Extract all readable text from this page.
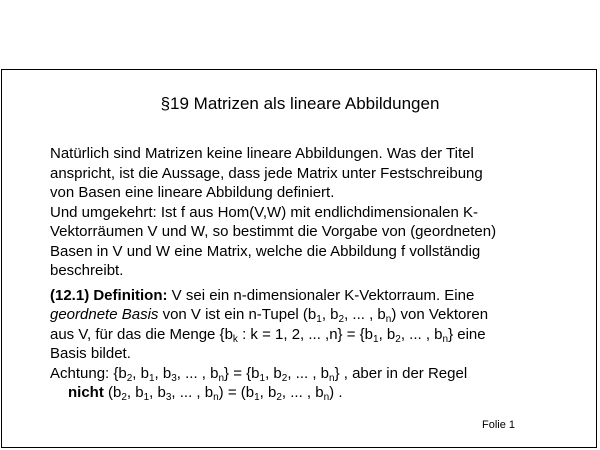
§19 Matrizen als lineare Abbildungen

Natürlich sind Matrizen keine lineare Abbildungen. Was der Titel
anspricht, ist die Aussage, dass jede Matrix unter Festschreibung
von Basen eine lineare Abbildung definiert.
Und umgekehrt: Ist f aus Hom(V,W) mit endlichdimensionalen K-
Vektorräumen V und W, so bestimmt die Vorgabe von (geordneten)
Basen in V und W eine Matrix, welche die Abbildung f vollständig
beschreibt.

(12.1) Definition: V sei ein n-dimensionaler K-Vektorraum. Eine
geordnete Basis von V ist ein n-Tupel ($b_1$, $b_2$, ... , $b_n$) von Vektoren
aus V, für das die Menge {$b_k$ : k = 1, 2, ... $,n\} = \{b_1$, $b_2$, ... , $b_n$} eine
Basis bildet.
Achtung: {$b_2$, $b_1$, $b_3$, ... , $b_n\} = \{b_1$, $b_2$, ... , $b_n$} , aber in der Regel
nicht ($b_2$, $b_1$, $b_3$, ... , $b_n) = (b_1$, $b_2$, ... , $b_n$) .

Folie 1
